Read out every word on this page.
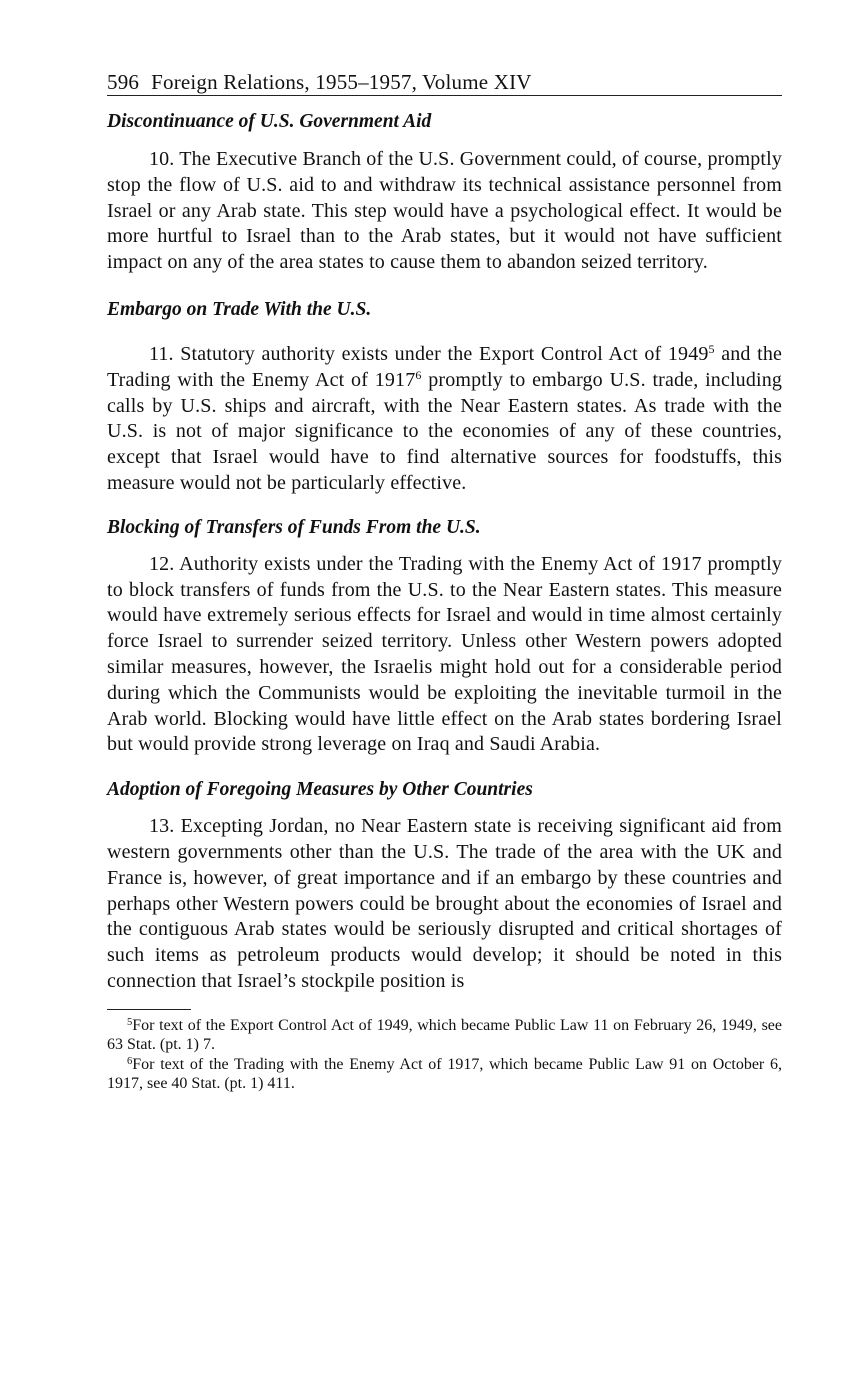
596 Foreign Relations, 1955–1957, Volume XIV
Discontinuance of U.S. Government Aid

10. The Executive Branch of the U.S. Government could, of course, promptly stop the flow of U.S. aid to and withdraw its technical assistance personnel from Israel or any Arab state. This step would have a psychological effect. It would be more hurtful to Israel than to the Arab states, but it would not have sufficient impact on any of the area states to cause them to abandon seized territory.

Embargo on Trade With the U.S.

11. Statutory authority exists under the Export Control Act of 1949$^5$ and the Trading with the Enemy Act of 1917$^6$ promptly to embargo U.S. trade, including calls by U.S. ships and aircraft, with the Near Eastern states. As trade with the U.S. is not of major significance to the economies of any of these countries, except that Israel would have to find alternative sources for foodstuffs, this measure would not be particularly effective.

Blocking of Transfers of Funds From the U.S.

12. Authority exists under the Trading with the Enemy Act of 1917 promptly to block transfers of funds from the U.S. to the Near Eastern states. This measure would have extremely serious effects for Israel and would in time almost certainly force Israel to surrender seized territory. Unless other Western powers adopted similar measures, however, the Israelis might hold out for a considerable period during which the Communists would be exploiting the inevitable turmoil in the Arab world. Blocking would have little effect on the Arab states bordering Israel but would provide strong leverage on Iraq and Saudi Arabia.

Adoption of Foregoing Measures by Other Countries

13. Excepting Jordan, no Near Eastern state is receiving significant aid from western governments other than the U.S. The trade of the area with the UK and France is, however, of great importance and if an embargo by these countries and perhaps other Western powers could be brought about the economies of Israel and the contiguous Arab states would be seriously disrupted and critical shortages of such items as petroleum products would develop; it should be noted in this connection that Israel’s stockpile position is

$^5$For text of the Export Control Act of 1949, which became Public Law 11 on February 26, 1949, see 63 Stat. (pt. 1) 7.

$^6$For text of the Trading with the Enemy Act of 1917, which became Public Law 91 on October 6, 1917, see 40 Stat. (pt. 1) 411.
